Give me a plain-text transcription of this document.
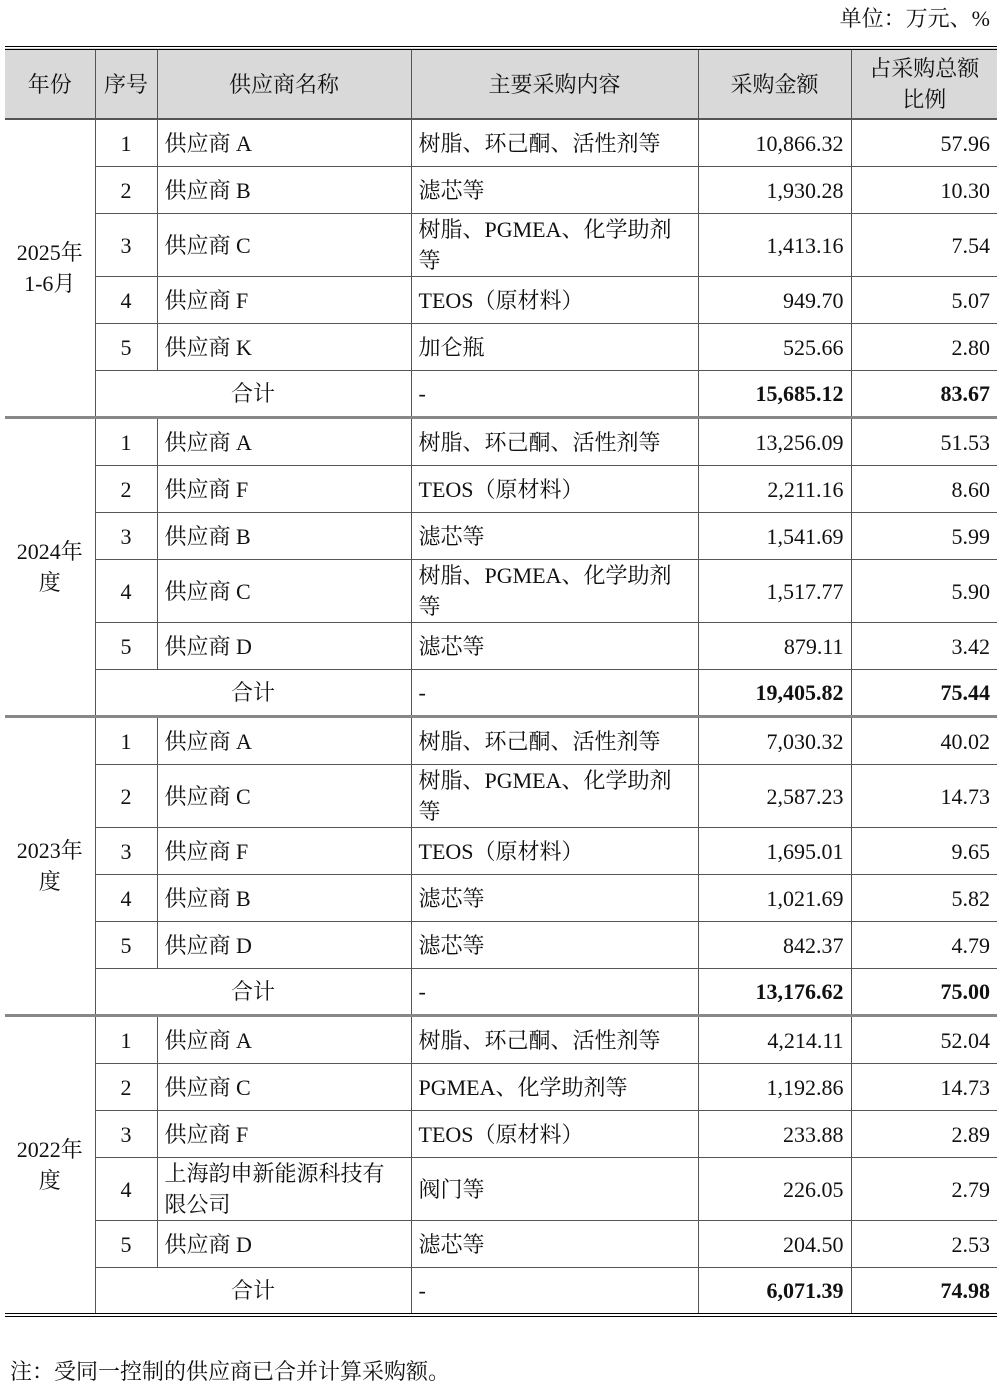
单位：万元、%
年份	序号	供应商名称	主要采购内容	采购金额	占采购总额比例
2025年1-6月	1	供应商 A	树脂、环己酮、活性剂等	10,866.32	57.96
	2	供应商 B	滤芯等	1,930.28	10.30
	3	供应商 C	树脂、PGMEA、化学助剂等	1,413.16	7.54
	4	供应商 F	TEOS（原材料）	949.70	5.07
	5	供应商 K	加仑瓶	525.66	2.80
	合计		-	15,685.12	83.67
2024年度	1	供应商 A	树脂、环己酮、活性剂等	13,256.09	51.53
	2	供应商 F	TEOS（原材料）	2,211.16	8.60
	3	供应商 B	滤芯等	1,541.69	5.99
	4	供应商 C	树脂、PGMEA、化学助剂等	1,517.77	5.90
	5	供应商 D	滤芯等	879.11	3.42
	合计		-	19,405.82	75.44
2023年度	1	供应商 A	树脂、环己酮、活性剂等	7,030.32	40.02
	2	供应商 C	树脂、PGMEA、化学助剂等	2,587.23	14.73
	3	供应商 F	TEOS（原材料）	1,695.01	9.65
	4	供应商 B	滤芯等	1,021.69	5.82
	5	供应商 D	滤芯等	842.37	4.79
	合计		-	13,176.62	75.00
2022年度	1	供应商 A	树脂、环己酮、活性剂等	4,214.11	52.04
	2	供应商 C	PGMEA、化学助剂等	1,192.86	14.73
	3	供应商 F	TEOS（原材料）	233.88	2.89
	4	上海韵申新能源科技有限公司	阀门等	226.05	2.79
	5	供应商 D	滤芯等	204.50	2.53
	合计		-	6,071.39	74.98
注：受同一控制的供应商已合并计算采购额。
